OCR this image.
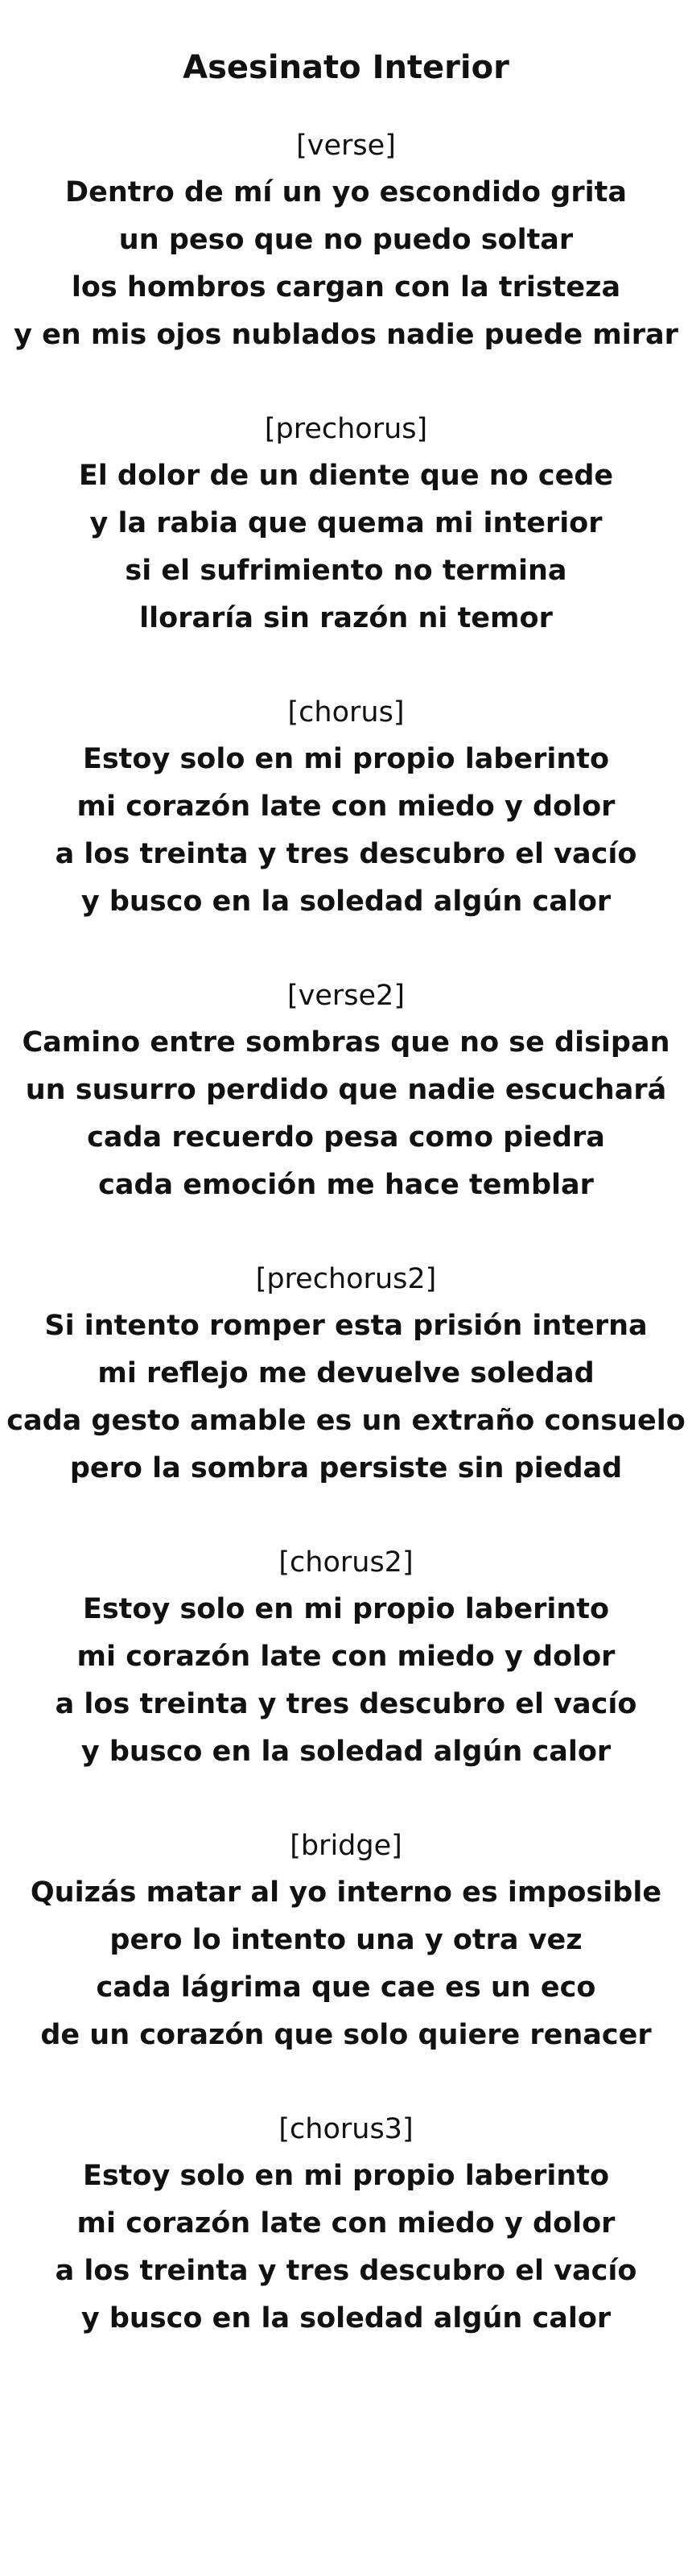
Asesinato Interior
[verse]
Dentro de mí un yo escondido grita
un peso que no puedo soltar
los hombros cargan con la tristeza
y en mis ojos nublados nadie puede mirar
[prechorus]
El dolor de un diente que no cede
y la rabia que quema mi interior
si el sufrimiento no termina
lloraría sin razón ni temor
[chorus]
Estoy solo en mi propio laberinto
mi corazón late con miedo y dolor
a los treinta y tres descubro el vacío
y busco en la soledad algún calor
[verse2]
Camino entre sombras que no se disipan
un susurro perdido que nadie escuchará
cada recuerdo pesa como piedra
cada emoción me hace temblar
[prechorus2]
Si intento romper esta prisión interna
mi reflejo me devuelve soledad
cada gesto amable es un extraño consuelo
pero la sombra persiste sin piedad
[chorus2]
Estoy solo en mi propio laberinto
mi corazón late con miedo y dolor
a los treinta y tres descubro el vacío
y busco en la soledad algún calor
[bridge]
Quizás matar al yo interno es imposible
pero lo intento una y otra vez
cada lágrima que cae es un eco
de un corazón que solo quiere renacer
[chorus3]
Estoy solo en mi propio laberinto
mi corazón late con miedo y dolor
a los treinta y tres descubro el vacío
y busco en la soledad algún calor
